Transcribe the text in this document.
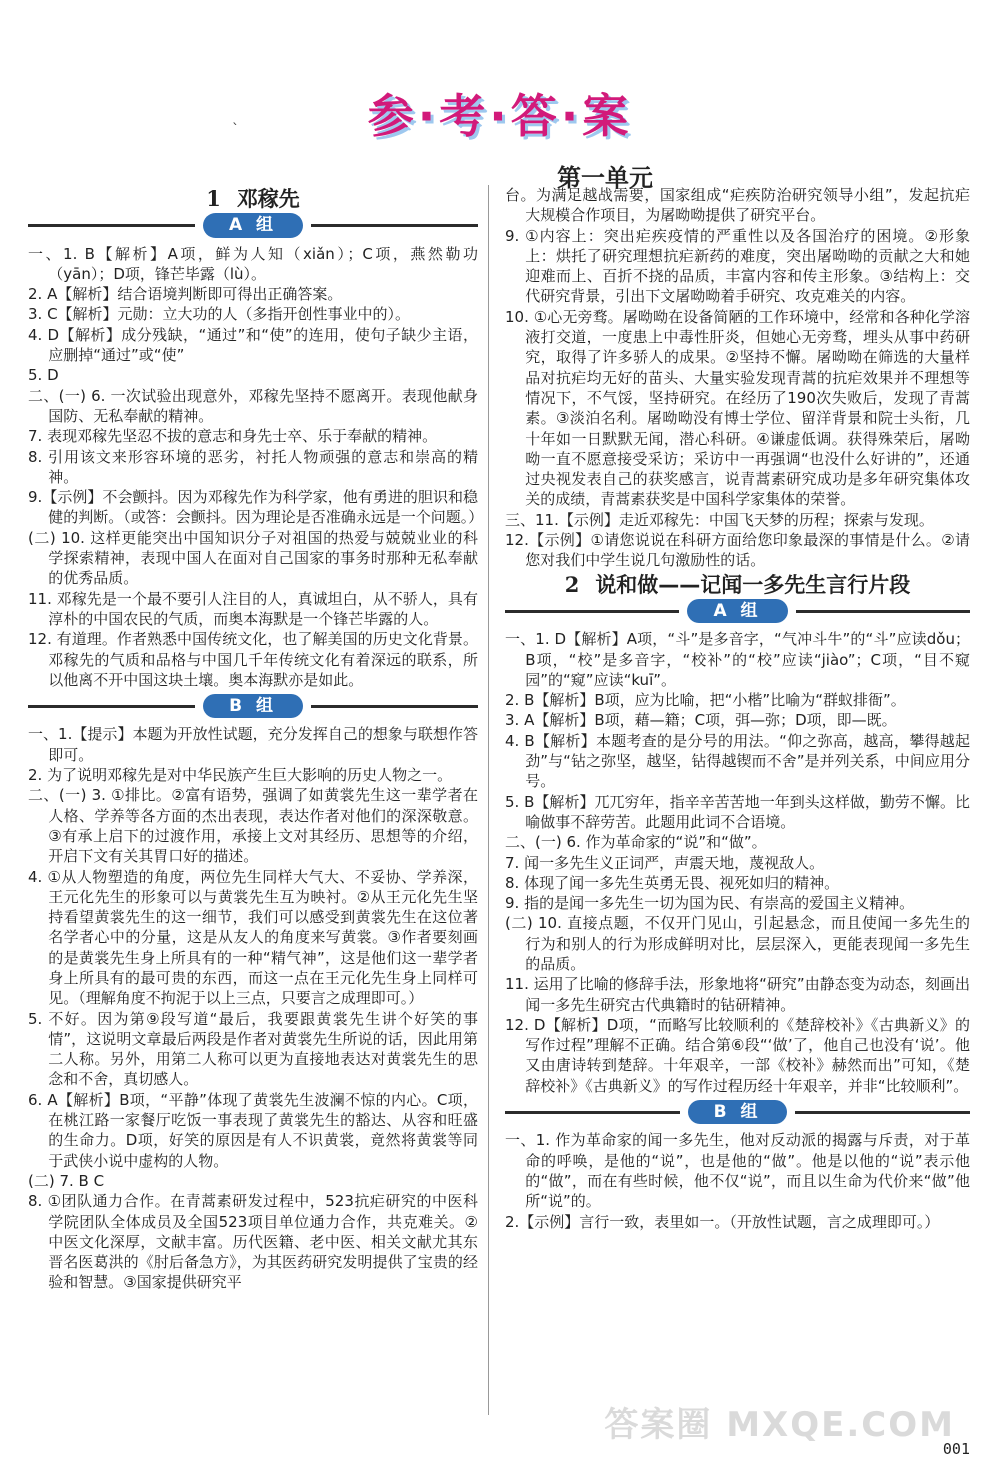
参·考·答·案
ˋ
第一单元
1 邓稼先
A 组

一、1. B【解析】A项，鲜为人知（xiǎn）；C项，燕然勒功（yān）；D项，锋芒毕露（lù）。

2. A【解析】结合语境判断即可得出正确答案。

3. C【解析】元勋：立大功的人（多指开创性事业中的）。

4. D【解析】成分残缺，“通过”和“使”的连用，使句子缺少主语，应删掉“通过”或“使”

5. D

二、(一) 6. 一次试验出现意外，邓稼先坚持不愿离开。表现他献身国防、无私奉献的精神。

7. 表现邓稼先坚忍不拔的意志和身先士卒、乐于奉献的精神。

8. 引用该文来形容环境的恶劣，衬托人物顽强的意志和崇高的精神。

9.【示例】不会颤抖。因为邓稼先作为科学家，他有勇进的胆识和稳健的判断。（或答：会颤抖。因为理论是否准确永远是一个问题。）

(二) 10. 这样更能突出中国知识分子对祖国的热爱与兢兢业业的科学探索精神，表现中国人在面对自己国家的事务时那种无私奉献的优秀品质。

11. 邓稼先是一个最不要引人注目的人，真诚坦白，从不骄人，具有淳朴的中国农民的气质，而奥本海默是一个锋芒毕露的人。

12. 有道理。作者熟悉中国传统文化，也了解美国的历史文化背景。邓稼先的气质和品格与中国几千年传统文化有着深远的联系，所以他离不开中国这块土壤。奥本海默亦是如此。

B 组

一、1.【提示】本题为开放性试题，充分发挥自己的想象与联想作答即可。

2. 为了说明邓稼先是对中华民族产生巨大影响的历史人物之一。

二、(一) 3. ①排比。②富有语势，强调了如黄裳先生这一辈学者在人格、学养等各方面的杰出表现，表达作者对他们的深深敬意。③有承上启下的过渡作用，承接上文对其经历、思想等的介绍，开启下文有关其胃口好的描述。

4. ①从人物塑造的角度，两位先生同样大气大、不妥协、学养深，王元化先生的形象可以与黄裳先生互为映衬。②从王元化先生坚持看望黄裳先生的这一细节，我们可以感受到黄裳先生在这位著名学者心中的分量，这是从友人的角度来写黄裳。③作者要刻画的是黄裳先生身上所具有的一种“精气神”，这是他们这一辈学者身上所具有的最可贵的东西，而这一点在王元化先生身上同样可见。（理解角度不拘泥于以上三点，只要言之成理即可。）

5. 不好。因为第⑨段写道“最后，我要跟黄裳先生讲个好笑的事情”，这说明文章最后两段是作者对黄裳先生所说的话，因此用第二人称。另外，用第二人称可以更为直接地表达对黄裳先生的思念和不舍，真切感人。

6. A【解析】B项，“平静”体现了黄裳先生波澜不惊的内心。C项，在桃江路一家餐厅吃饭一事表现了黄裳先生的豁达、从容和旺盛的生命力。D项，好笑的原因是有人不识黄裳，竟然将黄裳等同于武侠小说中虚构的人物。

(二) 7. B C

8. ①团队通力合作。在青蒿素研发过程中，523抗疟研究的中医科学院团队全体成员及全国523项目单位通力合作，共克难关。②中医文化深厚，文献丰富。历代医籍、老中医、相关文献尤其东晋名医葛洪的《肘后备急方》，为其医药研究发明提供了宝贵的经验和智慧。③国家提供研究平

台。为满足越战需要，国家组成“疟疾防治研究领导小组”，发起抗疟大规模合作项目，为屠呦呦提供了研究平台。

9. ①内容上：突出疟疾疫情的严重性以及各国治疗的困境。②形象上：烘托了研究理想抗疟新药的难度，突出屠呦呦的贡献之大和她迎难而上、百折不挠的品质，丰富内容和传主形象。③结构上：交代研究背景，引出下文屠呦呦着手研究、攻克难关的内容。

10. ①心无旁骛。屠呦呦在设备简陋的工作环境中，经常和各种化学溶液打交道，一度患上中毒性肝炎，但她心无旁骛，埋头从事中药研究，取得了许多骄人的成果。②坚持不懈。屠呦呦在筛选的大量样品对抗疟均无好的苗头、大量实验发现青蒿的抗疟效果并不理想等情况下，不气馁，坚持研究。在经历了190次失败后，发现了青蒿素。③淡泊名利。屠呦呦没有博士学位、留洋背景和院士头衔，几十年如一日默默无闻，潜心科研。④谦虚低调。获得殊荣后，屠呦呦一直不愿意接受采访；采访中一再强调“也没什么好讲的”，还通过央视发表自己的获奖感言，说青蒿素研究成功是多年研究集体攻关的成绩，青蒿素获奖是中国科学家集体的荣誉。

三、11.【示例】走近邓稼先：中国飞天梦的历程；探索与发现。

12.【示例】①请您说说在科研方面给您印象最深的事情是什么。②请您对我们中学生说几句激励性的话。

2 说和做——记闻一多先生言行片段
A 组

一、1. D【解析】A项，“斗”是多音字，“气冲斗牛”的“斗”应读dǒu；B项，“校”是多音字，“校补”的“校”应读“jiào”；C项，“目不窥园”的“窥”应读“kuī”。

2. B【解析】B项，应为比喻，把“小楷”比喻为“群蚁排衙”。

3. A【解析】B项，藉—籍；C项，弭—弥；D项，即—既。

4. B【解析】本题考查的是分号的用法。“仰之弥高，越高，攀得越起劲”与“钻之弥坚，越坚，钻得越锲而不舍”是并列关系，中间应用分号。

5. B【解析】兀兀穷年，指辛辛苦苦地一年到头这样做，勤劳不懈。比喻做事不辞劳苦。此题用此词不合语境。

二、(一) 6. 作为革命家的“说”和“做”。

7. 闻一多先生义正词严，声震天地，蔑视敌人。

8. 体现了闻一多先生英勇无畏、视死如归的精神。

9. 指的是闻一多先生一切为国为民、有崇高的爱国主义精神。

(二) 10. 直接点题，不仅开门见山，引起悬念，而且使闻一多先生的行为和别人的行为形成鲜明对比，层层深入，更能表现闻一多先生的品质。

11. 运用了比喻的修辞手法，形象地将“研究”由静态变为动态，刻画出闻一多先生研究古代典籍时的钻研精神。

12. D【解析】D项，“而略写比较顺利的《楚辞校补》《古典新义》的写作过程”理解不正确。结合第⑥段“‘做’了，他自己也没有‘说’。他又由唐诗转到楚辞。十年艰辛，一部《校补》赫然而出”可知，《楚辞校补》《古典新义》的写作过程历经十年艰辛，并非“比较顺利”。

B 组

一、1. 作为革命家的闻一多先生，他对反动派的揭露与斥责，对于革命的呼唤，是他的“说”，也是他的“做”。他是以他的“说”表示他的“做”，而在有些时候，他不仅“说”，而且以生命为代价来“做”他所“说”的。

2.【示例】言行一致，表里如一。（开放性试题，言之成理即可。）

答案圈 MXQE.COM
001
